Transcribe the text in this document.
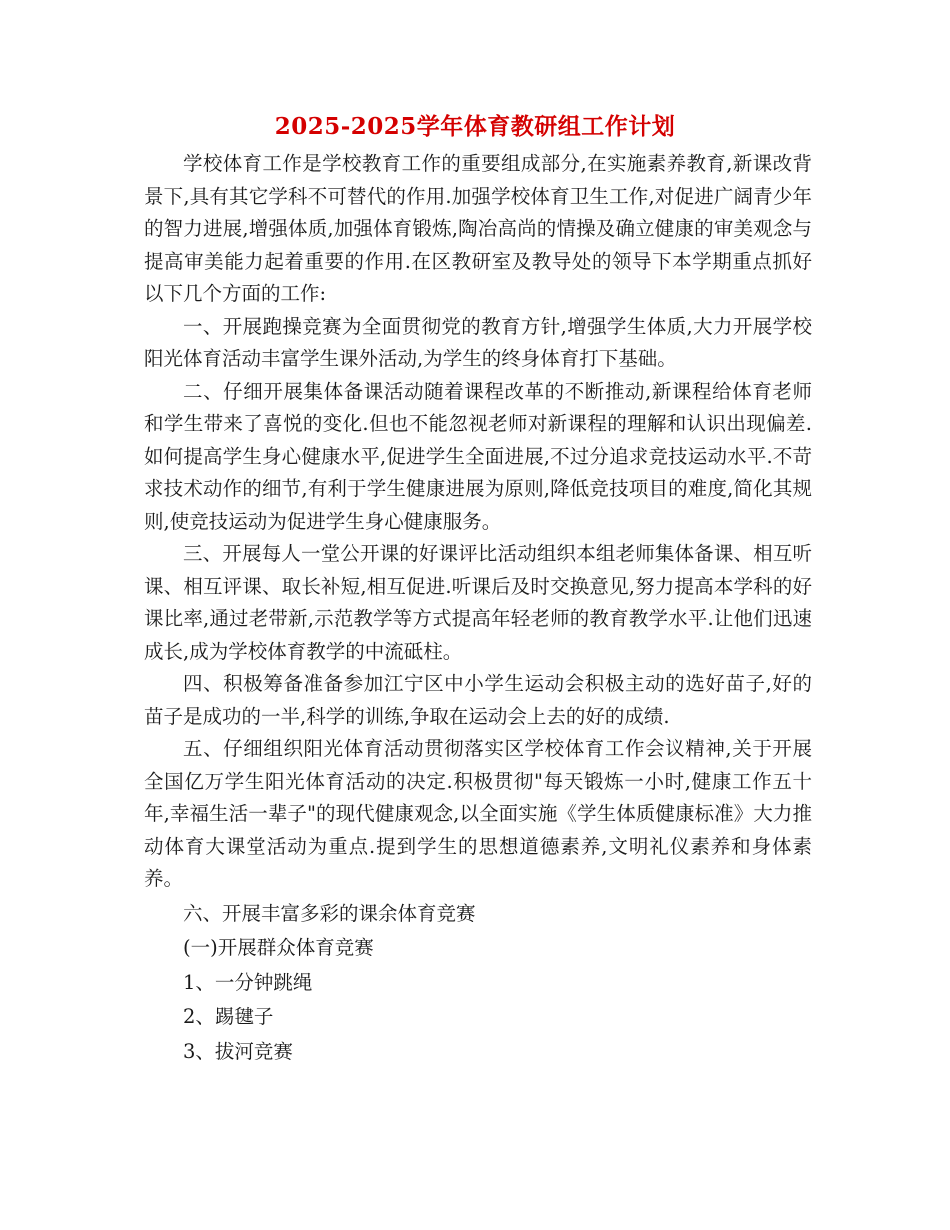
2025-2025学年体育教研组工作计划

学校体育工作是学校教育工作的重要组成部分,在实施素养教育,新课改背景下,具有其它学科不可替代的作用.加强学校体育卫生工作,对促进广阔青少年的智力进展,增强体质,加强体育锻炼,陶冶高尚的情操及确立健康的审美观念与提高审美能力起着重要的作用.在区教研室及教导处的领导下本学期重点抓好以下几个方面的工作:

一、开展跑操竞赛为全面贯彻党的教育方针,增强学生体质,大力开展学校阳光体育活动丰富学生课外活动,为学生的终身体育打下基础。

二、仔细开展集体备课活动随着课程改革的不断推动,新课程给体育老师和学生带来了喜悦的变化.但也不能忽视老师对新课程的理解和认识出现偏差.如何提高学生身心健康水平,促进学生全面进展,不过分追求竞技运动水平.不苛求技术动作的细节,有利于学生健康进展为原则,降低竞技项目的难度,简化其规则,使竞技运动为促进学生身心健康服务。

三、开展每人一堂公开课的好课评比活动组织本组老师集体备课、相互听课、相互评课、取长补短,相互促进.听课后及时交换意见,努力提高本学科的好课比率,通过老带新,示范教学等方式提高年轻老师的教育教学水平.让他们迅速成长,成为学校体育教学的中流砥柱。

四、积极筹备准备参加江宁区中小学生运动会积极主动的选好苗子,好的苗子是成功的一半,科学的训练,争取在运动会上去的好的成绩.

五、仔细组织阳光体育活动贯彻落实区学校体育工作会议精神,关于开展全国亿万学生阳光体育活动的决定.积极贯彻"每天锻炼一小时,健康工作五十年,幸福生活一辈子"的现代健康观念,以全面实施《学生体质健康标准》大力推动体育大课堂活动为重点.提到学生的思想道德素养,文明礼仪素养和身体素养。

六、开展丰富多彩的课余体育竞赛

(一)开展群众体育竞赛

1、一分钟跳绳

2、踢毽子

3、拔河竞赛
